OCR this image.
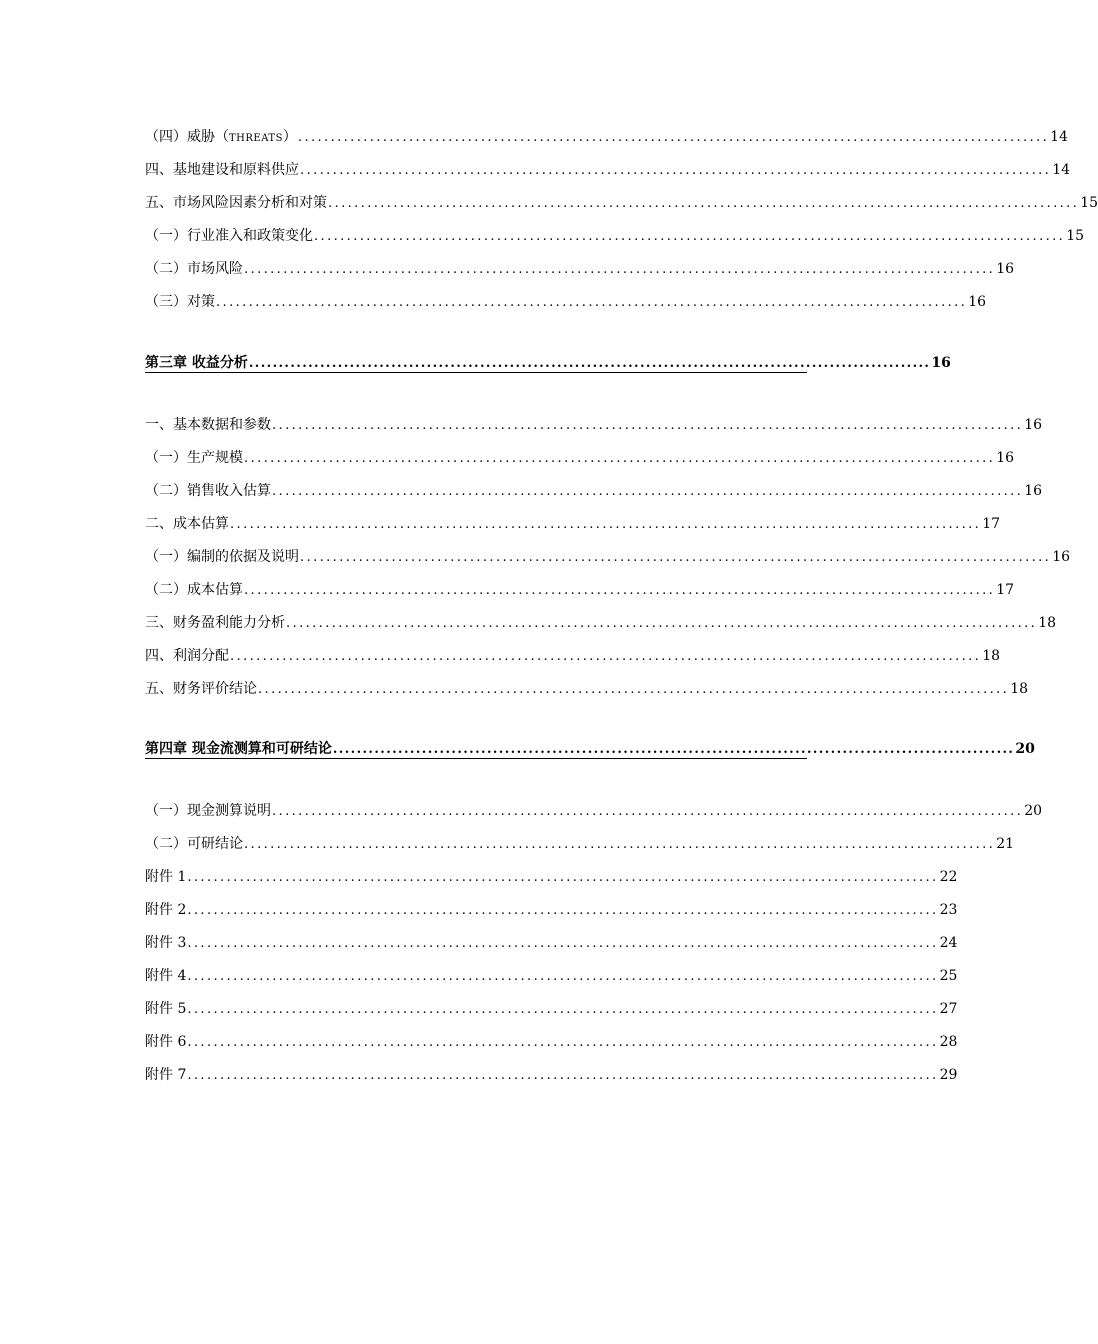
（四）威胁（THREATS） ................................................................................................................... 14
四、基地建设和原料供应 ................................................................................................................... 14
五、市场风险因素分析和对策 ................................................................................................................... 15
（一）行业准入和政策变化 ................................................................................................................... 15
（二）市场风险 ................................................................................................................... 16
（三）对策 ................................................................................................................... 16
第三章 收益分析 ................................................................................................................... 16
一、基本数据和参数 ................................................................................................................... 16
（一）生产规模 ................................................................................................................... 16
（二）销售收入估算 ................................................................................................................... 16
二、成本估算 ................................................................................................................... 17
（一）编制的依据及说明 ................................................................................................................... 16
（二）成本估算 ................................................................................................................... 17
三、财务盈利能力分析 ................................................................................................................... 18
四、利润分配 ................................................................................................................... 18
五、财务评价结论 ................................................................................................................... 18
第四章 现金流测算和可研结论 ................................................................................................................... 20
（一）现金测算说明 ................................................................................................................... 20
（二）可研结论 ................................................................................................................... 21
附件 1 ................................................................................................................... 22
附件 2 ................................................................................................................... 23
附件 3 ................................................................................................................... 24
附件 4 ................................................................................................................... 25
附件 5 ................................................................................................................... 27
附件 6 ................................................................................................................... 28
附件 7 ................................................................................................................... 29
